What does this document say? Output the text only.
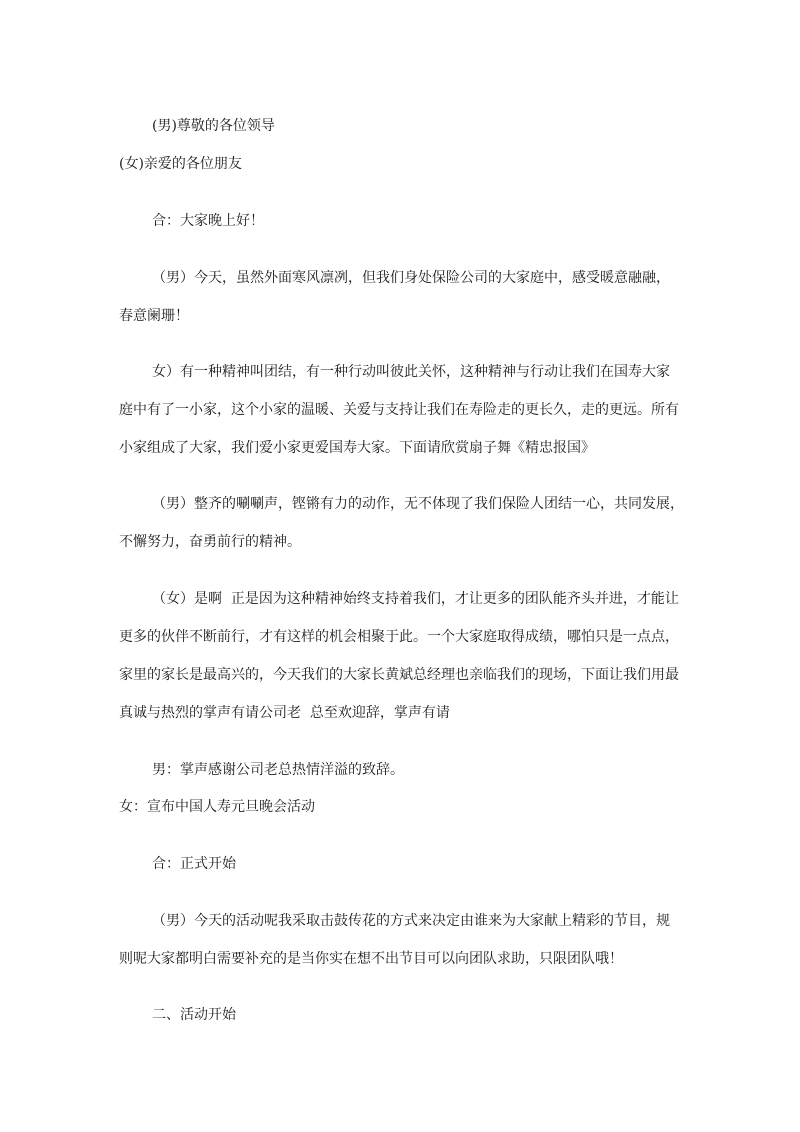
(男)尊敬的各位领导
(女)亲爱的各位朋友
合：大家晚上好！
（男）今天，虽然外面寒风凛冽，但我们身处保险公司的大家庭中，感受暖意融融，
春意阑珊！
女）有一种精神叫团结，有一种行动叫彼此关怀，这种精神与行动让我们在国寿大家
庭中有了一小家，这个小家的温暖、关爱与支持让我们在寿险走的更长久，走的更远。所有
小家组成了大家，我们爱小家更爱国寿大家。下面请欣赏扇子舞《精忠报国》
（男）整齐的唰唰声，铿锵有力的动作，无不体现了我们保险人团结一心，共同发展，
不懈努力，奋勇前行的精神。
（女）是啊  正是因为这种精神始终支持着我们，才让更多的团队能齐头并进，才能让
更多的伙伴不断前行，才有这样的机会相聚于此。一个大家庭取得成绩，哪怕只是一点点，
家里的家长是最高兴的，今天我们的大家长黄斌总经理也亲临我们的现场，下面让我们用最
真诚与热烈的掌声有请公司老  总至欢迎辞，掌声有请
男：掌声感谢公司老总热情洋溢的致辞。
女：宣布中国人寿元旦晚会活动
合：正式开始
（男）今天的活动呢我采取击鼓传花的方式来决定由谁来为大家献上精彩的节目，规
则呢大家都明白需要补充的是当你实在想不出节目可以向团队求助，只限团队哦！
二、活动开始
